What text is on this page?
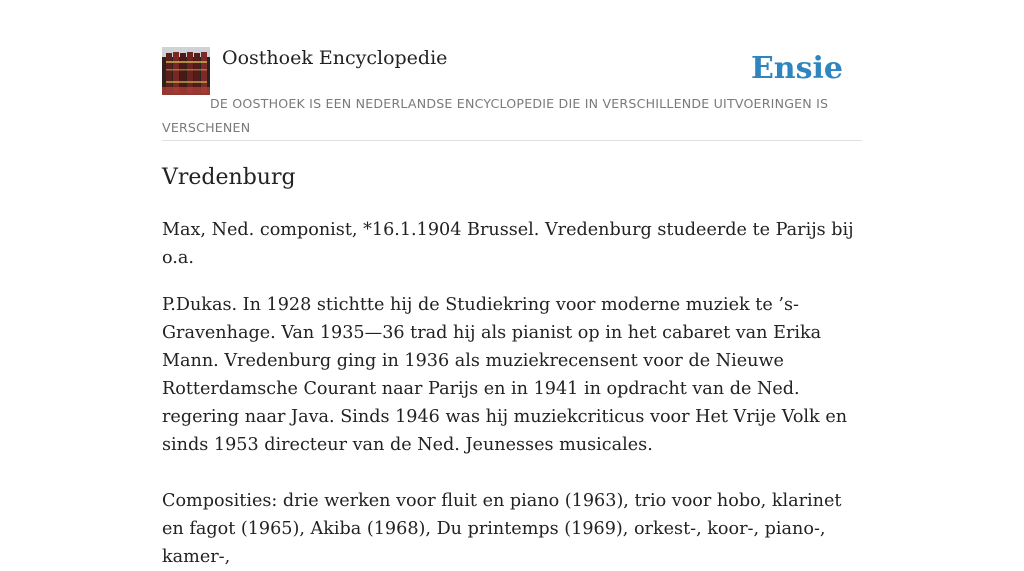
Oosthoek Encyclopedie	Ensie
DE OOSTHOEK IS EEN NEDERLANDSE ENCYCLOPEDIE DIE IN VERSCHILLENDE UITVOERINGEN IS VERSCHENEN
Vredenburg

Max, Ned. componist, *16.1.1904 Brussel. Vredenburg studeerde te Parijs bij o.a.

P.Dukas. In 1928 stichtte hij de Studiekring voor moderne muziek te ’s-Gravenhage. Van 1935—36 trad hij als pianist op in het cabaret van Erika Mann. Vredenburg ging in 1936 als muziekrecensent voor de Nieuwe Rotterdamsche Courant naar Parijs en in 1941 in opdracht van de Ned. regering naar Java. Sinds 1946 was hij muziekcriticus voor Het Vrije Volk en sinds 1953 directeur van de Ned. Jeunesses musicales.

Composities: drie werken voor fluit en piano (1963), trio voor hobo, klarinet en fagot (1965), Akiba (1968), Du printemps (1969), orkest-, koor-, piano-, kamer-,
